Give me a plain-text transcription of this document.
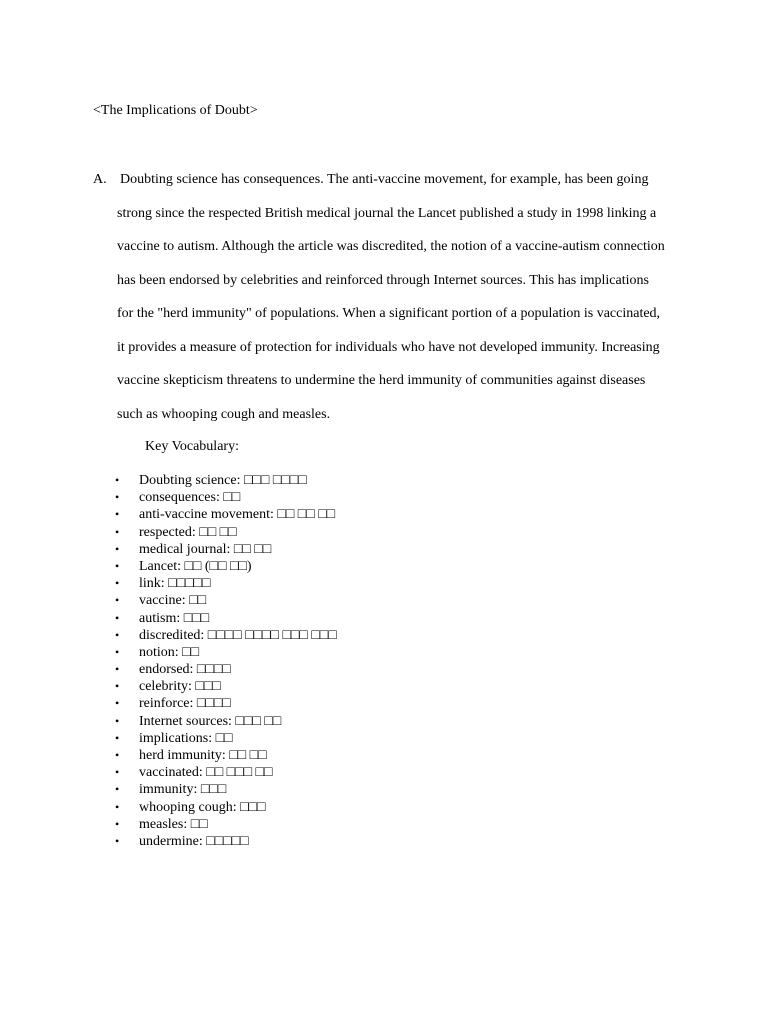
<The Implications of Doubt>
A. Doubting science has consequences. The anti-vaccine movement, for example, has been going
strong since the respected British medical journal the Lancet published a study in 1998 linking a
vaccine to autism. Although the article was discredited, the notion of a vaccine-autism connection
has been endorsed by celebrities and reinforced through Internet sources. This has implications
for the "herd immunity" of populations. When a significant portion of a population is vaccinated,
it provides a measure of protection for individuals who have not developed immunity. Increasing
vaccine skepticism threatens to undermine the herd immunity of communities against diseases
such as whooping cough and measles.
Key Vocabulary:
• Doubting science: □□□ □□□□
• consequences: □□
• anti-vaccine movement: □□ □□ □□
• respected: □□ □□
• medical journal: □□ □□
• Lancet: □□ (□□ □□)
• link: □□□□□
• vaccine: □□
• autism: □□□
• discredited: □□□□ □□□□ □□□ □□□
• notion: □□
• endorsed: □□□□
• celebrity: □□□
• reinforce: □□□□
• Internet sources: □□□ □□
• implications: □□
• herd immunity: □□ □□
• vaccinated: □□ □□□ □□
• immunity: □□□
• whooping cough: □□□
• measles: □□
• undermine: □□□□□
